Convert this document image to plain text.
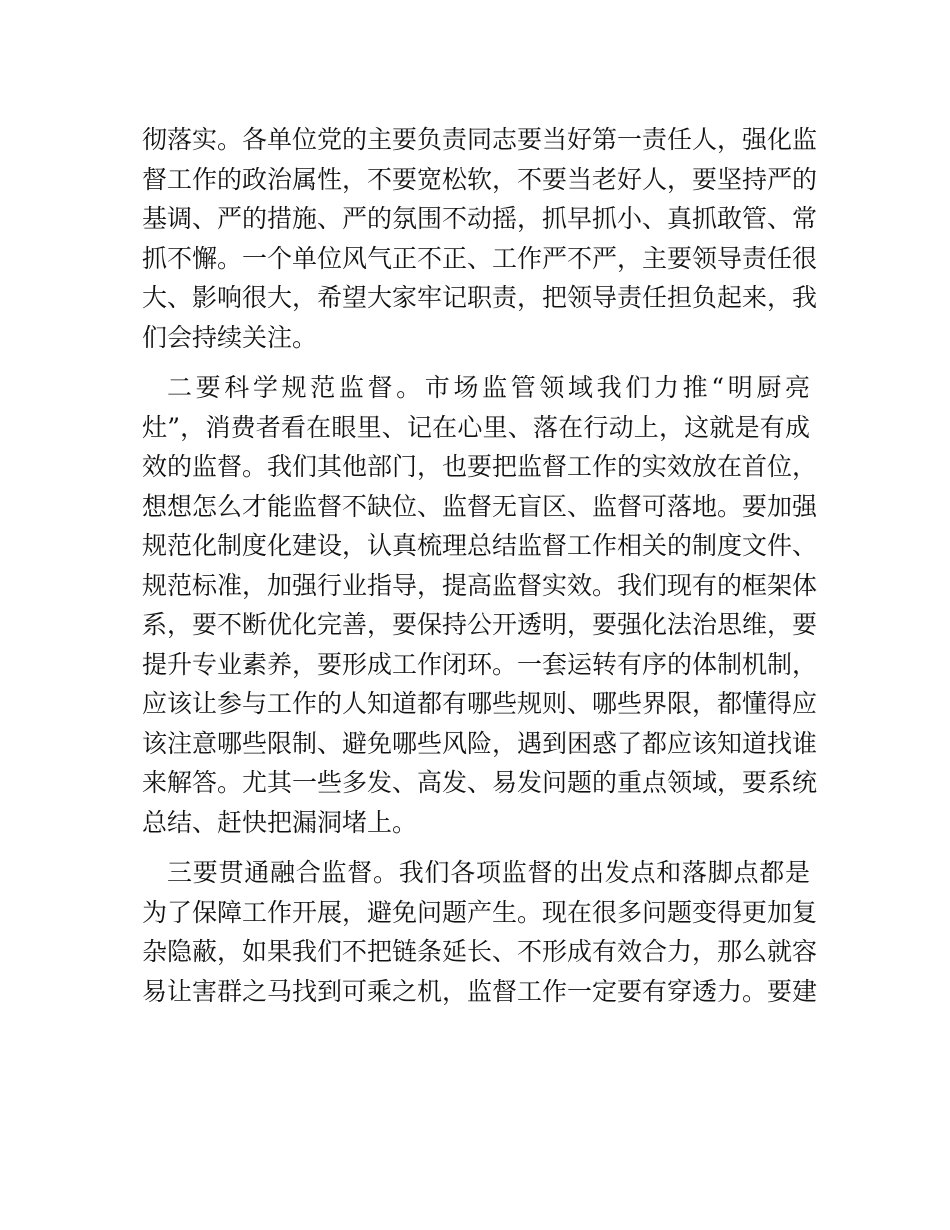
彻落实。各单位党的主要负责同志要当好第一责任人，强化监
督工作的政治属性，不要宽松软，不要当老好人，要坚持严的
基调、严的措施、严的氛围不动摇，抓早抓小、真抓敢管、常
抓不懈。一个单位风气正不正、工作严不严，主要领导责任很
大、影响很大，希望大家牢记职责，把领导责任担负起来，我
们会持续关注。
二要科学规范监督。市场监管领域我们力推“明厨亮
灶”，消费者看在眼里、记在心里、落在行动上，这就是有成
效的监督。我们其他部门，也要把监督工作的实效放在首位，
想想怎么才能监督不缺位、监督无盲区、监督可落地。要加强
规范化制度化建设，认真梳理总结监督工作相关的制度文件、
规范标准，加强行业指导，提高监督实效。我们现有的框架体
系，要不断优化完善，要保持公开透明，要强化法治思维，要
提升专业素养，要形成工作闭环。一套运转有序的体制机制，
应该让参与工作的人知道都有哪些规则、哪些界限，都懂得应
该注意哪些限制、避免哪些风险，遇到困惑了都应该知道找谁
来解答。尤其一些多发、高发、易发问题的重点领域，要系统
总结、赶快把漏洞堵上。
三要贯通融合监督。我们各项监督的出发点和落脚点都是
为了保障工作开展，避免问题产生。现在很多问题变得更加复
杂隐蔽，如果我们不把链条延长、不形成有效合力，那么就容
易让害群之马找到可乘之机，监督工作一定要有穿透力。要建
